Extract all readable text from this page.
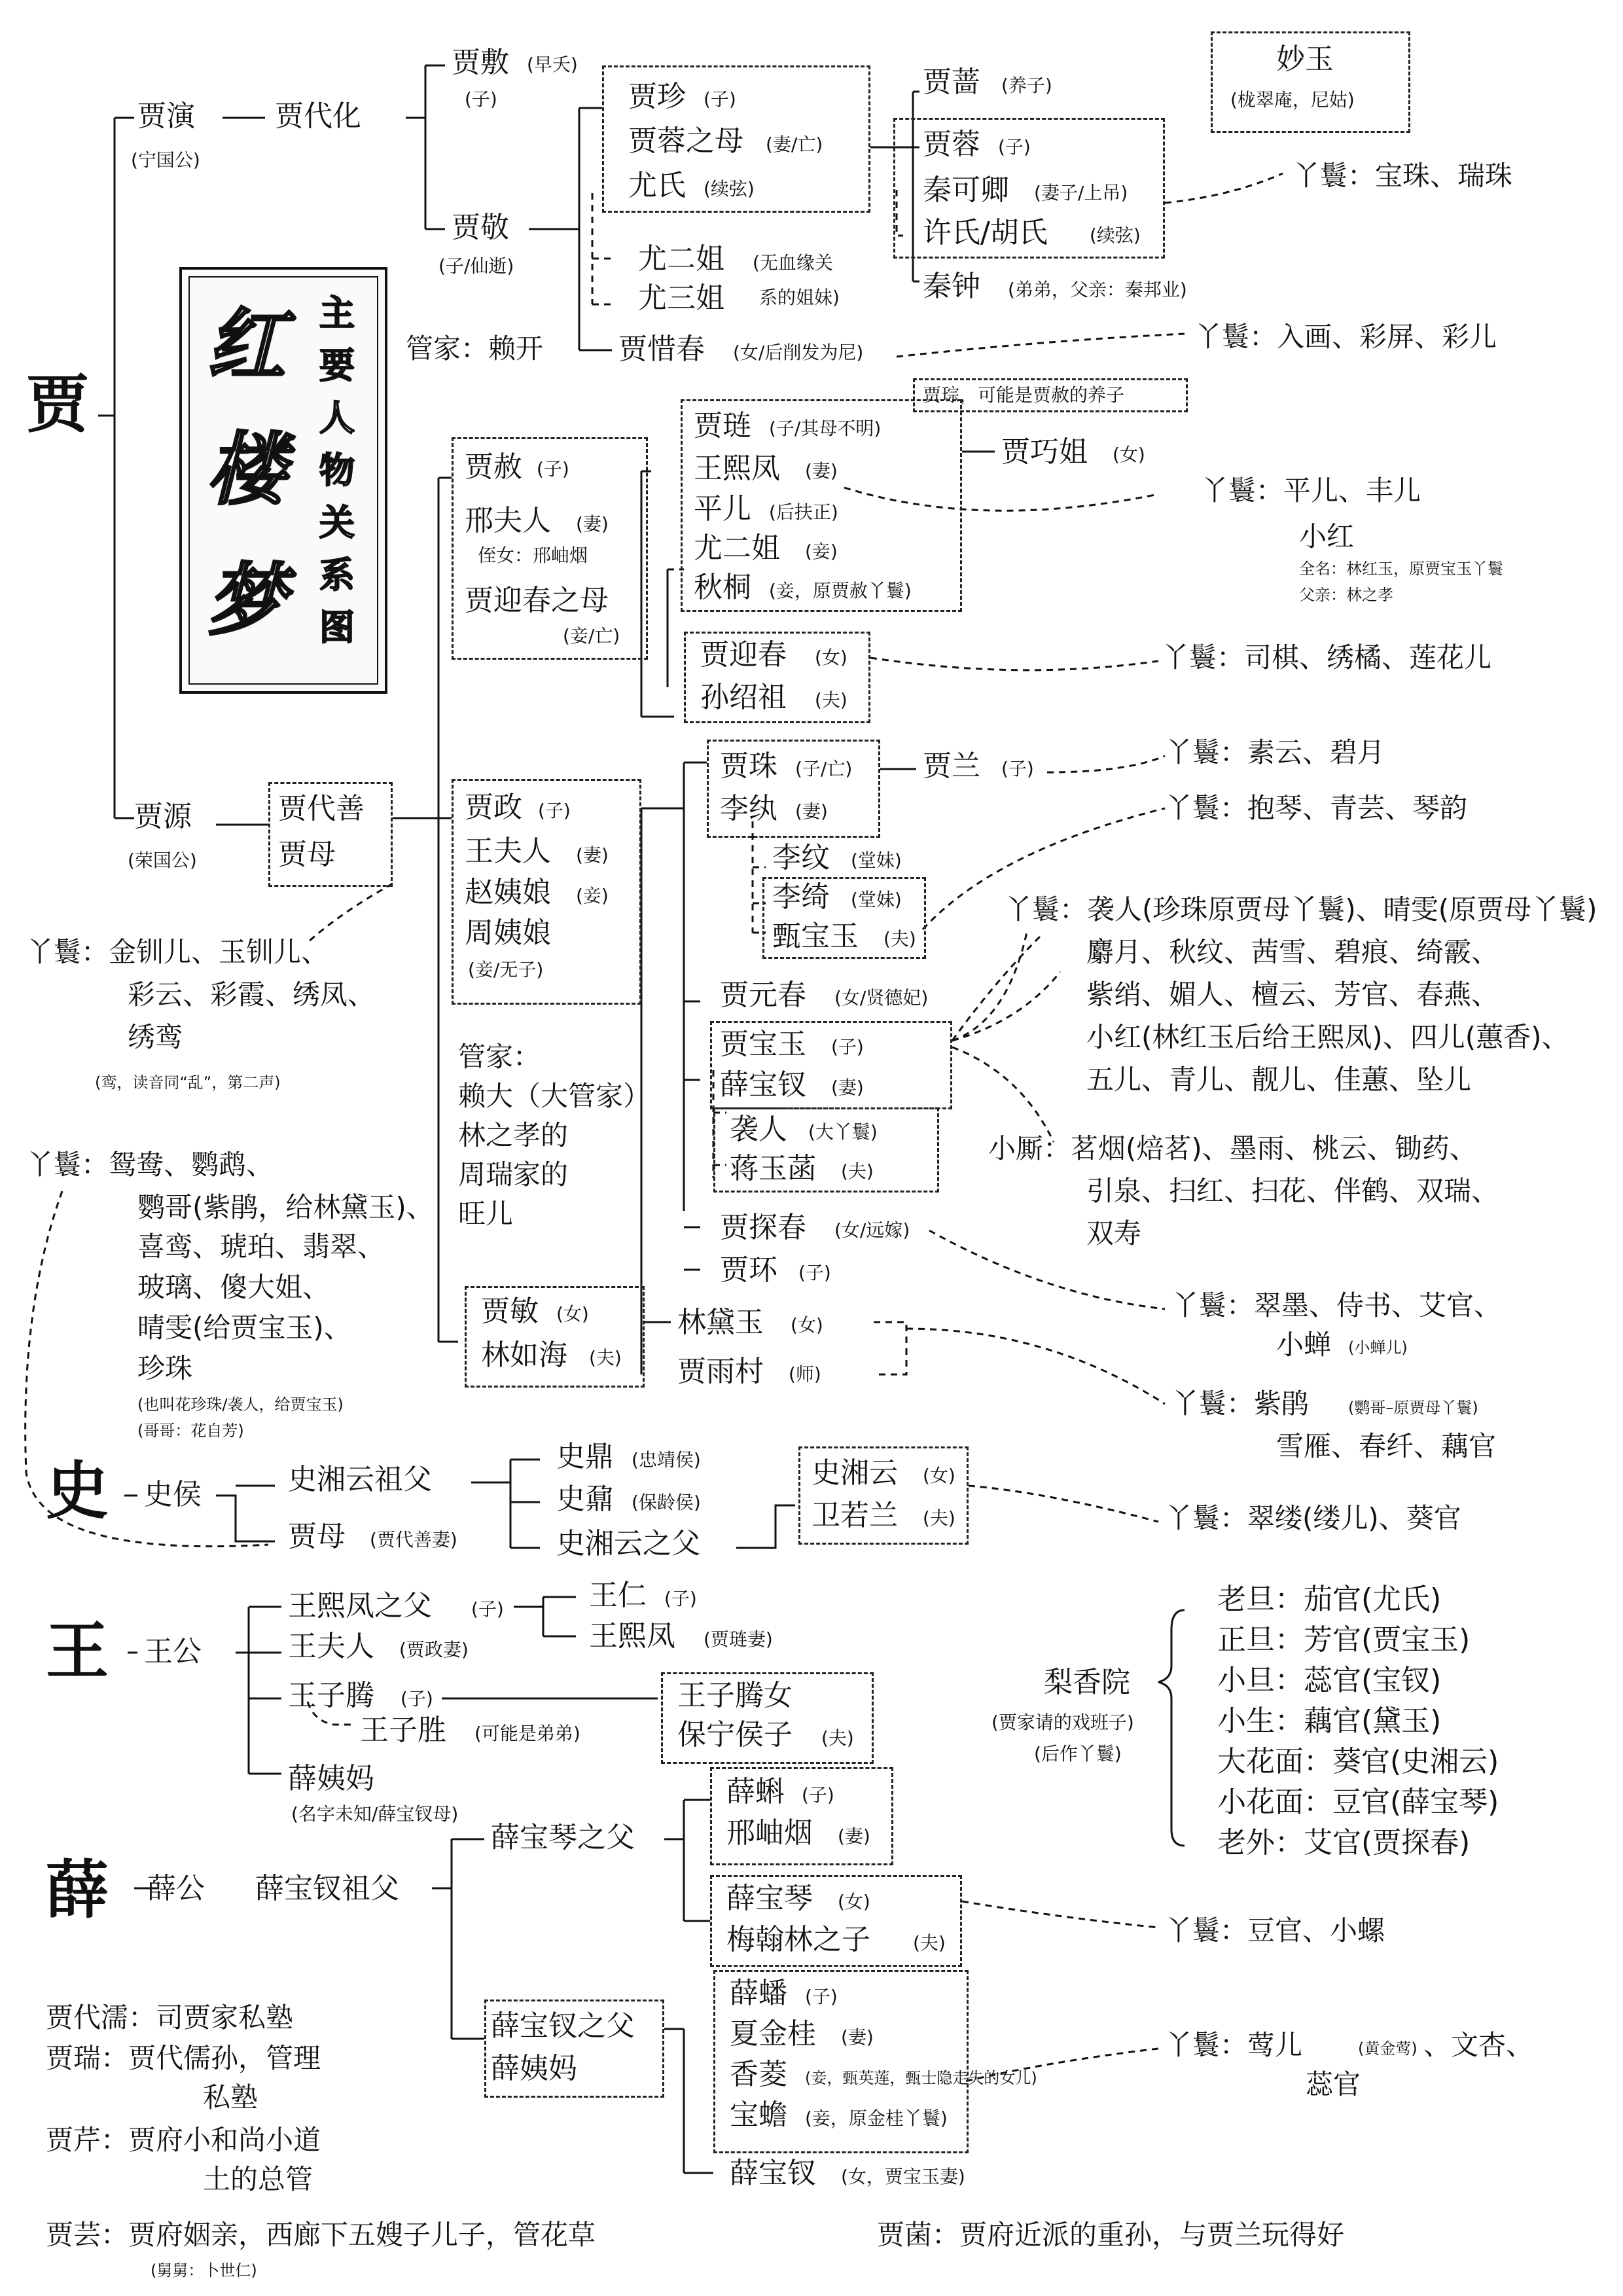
红
楼
梦
主
要
人
物
关
系
图
贾
史
王
薛
贾演
(宁国公)
贾代化
贾敷 (早夭)
(子)
贾敬
(子/仙逝)
贾珍 (子)
贾蓉之母 (妻/亡)
尤氏 (续弦)
尤二姐 (无血缘关
尤三姐 系的姐妹)
贾惜春 (女/后削发为尼)
管家：赖开
贾蔷 (养子)
贾蓉 (子)
秦可卿 (妻子/上吊)
许氏/胡氏 (续弦)
秦钟 (弟弟，父亲：秦邦业)
妙玉
(栊翠庵，尼姑)
丫鬟：宝珠、瑞珠
丫鬟：入画、彩屏、彩儿
贾琮，可能是贾赦的养子
贾赦 (子)
邢夫人 (妻)
侄女：邢岫烟
贾迎春之母
(妾/亡)
贾琏 (子/其母不明)
王熙凤 (妻)
平儿 (后扶正)
尤二姐 (妾)
秋桐 (妾，原贾赦丫鬟)
贾巧姐 (女)
丫鬟：平儿、丰儿
小红
全名：林红玉，原贾宝玉丫鬟
父亲：林之孝
贾迎春 (女)
孙绍祖 (夫)
丫鬟：司棋、绣橘、莲花儿
贾源
(荣国公)
贾代善
贾母
贾政 (子)
王夫人 (妻)
赵姨娘 (妾)
周姨娘
(妾/无子)
管家：
赖大（大管家）
林之孝的
周瑞家的
旺儿
贾珠 (子/亡)
李纨 (妻)
贾兰 (子)
李纹 (堂妹)
李绮 (堂妹)
甄宝玉 (夫)
丫鬟：素云、碧月
丫鬟：抱琴、青芸、琴韵
贾元春 (女/贤德妃)
贾宝玉 (子)
薛宝钗 (妻)
袭人 (大丫鬟)
蒋玉菡 (夫)
丫鬟：袭人(珍珠原贾母丫鬟)、晴雯(原贾母丫鬟)
麝月、秋纹、茜雪、碧痕、绮霰、
紫绡、媚人、檀云、芳官、春燕、
小红(林红玉后给王熙凤)、四儿(蕙香)、
五儿、青儿、靓儿、佳蕙、坠儿
小厮：茗烟(焙茗)、墨雨、桃云、锄药、
引泉、扫红、扫花、伴鹤、双瑞、
双寿
贾探春 (女/远嫁)
贾环 (子)
丫鬟：翠墨、侍书、艾官、
小蝉 (小蝉儿)
贾敏 (女)
林如海 (夫)
林黛玉 (女)
贾雨村 (师)
丫鬟：紫鹃 (鹦哥–原贾母丫鬟)
雪雁、春纤、藕官
丫鬟：金钏儿、玉钏儿、
彩云、彩霞、绣凤、
绣鸾
(鸾，读音同“乱”，第二声)
丫鬟：鸳鸯、鹦鹉、
鹦哥(紫鹃，给林黛玉)、
喜鸾、琥珀、翡翠、
玻璃、傻大姐、
晴雯(给贾宝玉)、
珍珠
(也叫花珍珠/袭人，给贾宝玉)
(哥哥：花自芳)
史侯	史湘云祖父
贾母 (贾代善妻)
史鼎 (忠靖侯)
史鼐 (保龄侯)
史湘云之父
史湘云 (女)
卫若兰 (夫)	丫鬟：翠缕(缕儿)、葵官
王公
王熙凤之父 (子)	王仁 (子)
王熙凤 (贾琏妻)
王夫人 (贾政妻)
王子腾 (子)
王子胜 (可能是弟弟)
王子腾女
保宁侯子 (夫)
薛姨妈
(名字未知/薛宝钗母)
梨香院
(贾家请的戏班子)
(后作丫鬟)
老旦：茄官(尤氏)
正旦：芳官(贾宝玉)
小旦：蕊官(宝钗)
小生：藕官(黛玉)
大花面：葵官(史湘云)
小花面：豆官(薛宝琴)
老外：艾官(贾探春)
薛公 薛宝钗祖父
薛宝琴之父
薛蝌 (子)
邢岫烟 (妻)
薛宝琴 (女)
梅翰林之子 (夫)	丫鬟：豆官、小螺
薛宝钗之父
薛姨妈
薛蟠 (子)
夏金桂 (妻)
香菱 (妾，甄英莲，甄士隐走失的女儿)
宝蟾 (妾，原金桂丫鬟)
薛宝钗 (女，贾宝玉妻)
丫鬟：莺儿	(黄金莺) 、文杏、
蕊官
贾代濡：司贾家私塾
贾瑞：贾代儒孙，管理
私塾
贾芹：贾府小和尚小道
土的总管
贾芸：贾府姻亲，西廊下五嫂子儿子，管花草
(舅舅：卜世仁)
贾菌：贾府近派的重孙，与贾兰玩得好
